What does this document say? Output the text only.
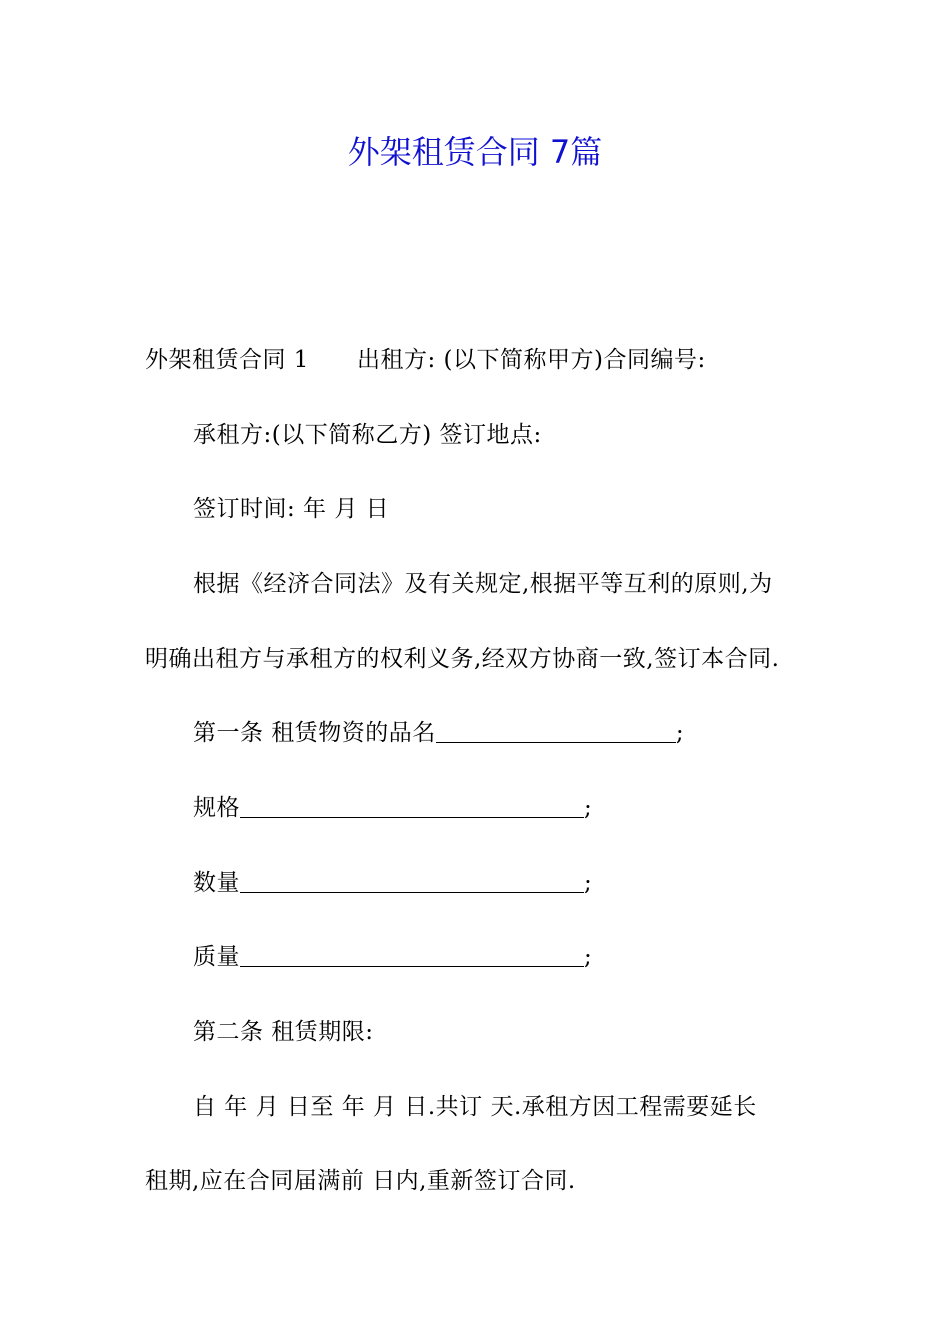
外架租赁合同 7篇
外架租赁合同 1 出租方: (以下简称甲方)合同编号:
承租方:(以下简称乙方) 签订地点:
签订时间: 年 月 日
根据《经济合同法》及有关规定,根据平等互利的原则,为
明确出租方与承租方的权利义务,经双方协商一致,签订本合同.
第一条 租赁物资的品名	;
规格	;
数量	;
质量	;
第二条 租赁期限:
自 年 月 日至 年 月 日.共订 天.承租方因工程需要延长
租期,应在合同届满前 日内,重新签订合同.
